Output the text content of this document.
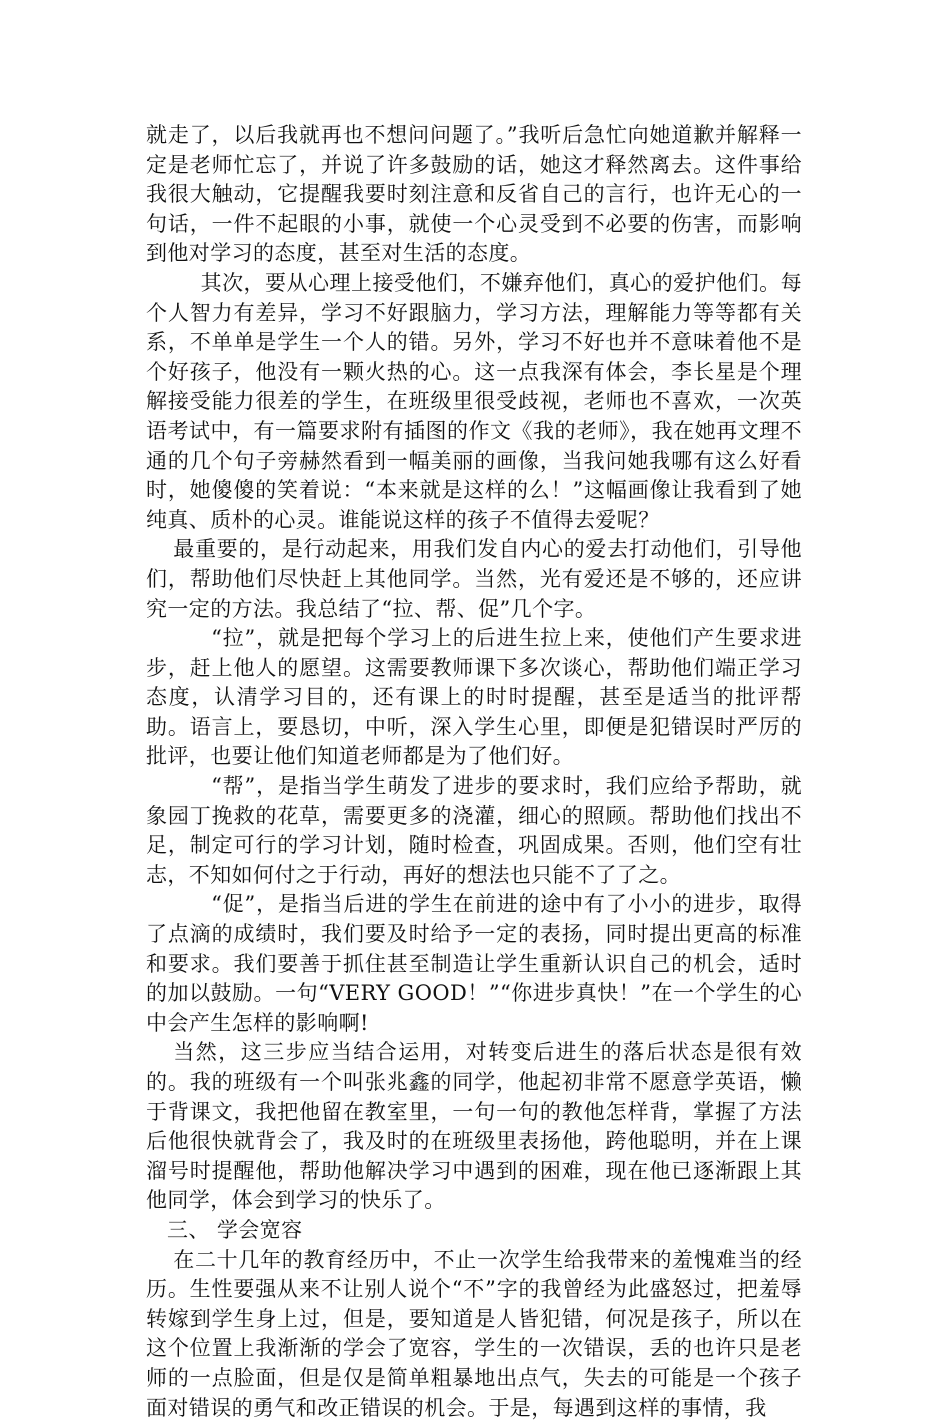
就走了，以后我就再也不想问问题了。”我听后急忙向她道歉并解释一定是老师忙忘了，并说了许多鼓励的话，她这才释然离去。这件事给我很大触动，它提醒我要时刻注意和反省自己的言行，也许无心的一句话，一件不起眼的小事，就使一个心灵受到不必要的伤害，而影响到他对学习的态度，甚至对生活的态度。

其次，要从心理上接受他们，不嫌弃他们，真心的爱护他们。每个人智力有差异，学习不好跟脑力，学习方法，理解能力等等都有关系，不单单是学生一个人的错。另外，学习不好也并不意味着他不是个好孩子，他没有一颗火热的心。这一点我深有体会，李长星是个理解接受能力很差的学生，在班级里很受歧视，老师也不喜欢，一次英语考试中，有一篇要求附有插图的作文《我的老师》，我在她再文理不通的几个句子旁赫然看到一幅美丽的画像，当我问她我哪有这么好看时，她傻傻的笑着说：“本来就是这样的么！”这幅画像让我看到了她纯真、质朴的心灵。谁能说这样的孩子不值得去爱呢？

最重要的，是行动起来，用我们发自内心的爱去打动他们，引导他们，帮助他们尽快赶上其他同学。当然，光有爱还是不够的，还应讲究一定的方法。我总结了“拉、帮、促”几个字。

“拉”，就是把每个学习上的后进生拉上来，使他们产生要求进步，赶上他人的愿望。这需要教师课下多次谈心，帮助他们端正学习态度，认清学习目的，还有课上的时时提醒，甚至是适当的批评帮助。语言上，要恳切，中听，深入学生心里，即便是犯错误时严厉的批评，也要让他们知道老师都是为了他们好。

“帮”，是指当学生萌发了进步的要求时，我们应给予帮助，就象园丁挽救的花草，需要更多的浇灌，细心的照顾。帮助他们找出不足，制定可行的学习计划，随时检查，巩固成果。否则，他们空有壮志，不知如何付之于行动，再好的想法也只能不了了之。

“促”，是指当后进的学生在前进的途中有了小小的进步，取得了点滴的成绩时，我们要及时给予一定的表扬，同时提出更高的标准和要求。我们要善于抓住甚至制造让学生重新认识自己的机会，适时的加以鼓励。一句“VERY GOOD！”“你进步真快！”在一个学生的心中会产生怎样的影响啊!

当然，这三步应当结合运用，对转变后进生的落后状态是很有效的。我的班级有一个叫张兆鑫的同学，他起初非常不愿意学英语，懒于背课文，我把他留在教室里，一句一句的教他怎样背，掌握了方法后他很快就背会了，我及时的在班级里表扬他，跨他聪明，并在上课溜号时提醒他，帮助他解决学习中遇到的困难，现在他已逐渐跟上其他同学，体会到学习的快乐了。

三、 学会宽容

在二十几年的教育经历中，不止一次学生给我带来的羞愧难当的经历。生性要强从来不让别人说个“不”字的我曾经为此盛怒过，把羞辱转嫁到学生身上过，但是，要知道是人皆犯错，何况是孩子，所以在这个位置上我渐渐的学会了宽容，学生的一次错误，丢的也许只是老师的一点脸面，但是仅是简单粗暴地出点气，失去的可能是一个孩子面对错误的勇气和改正错误的机会。于是，每遇到这样的事情，我
